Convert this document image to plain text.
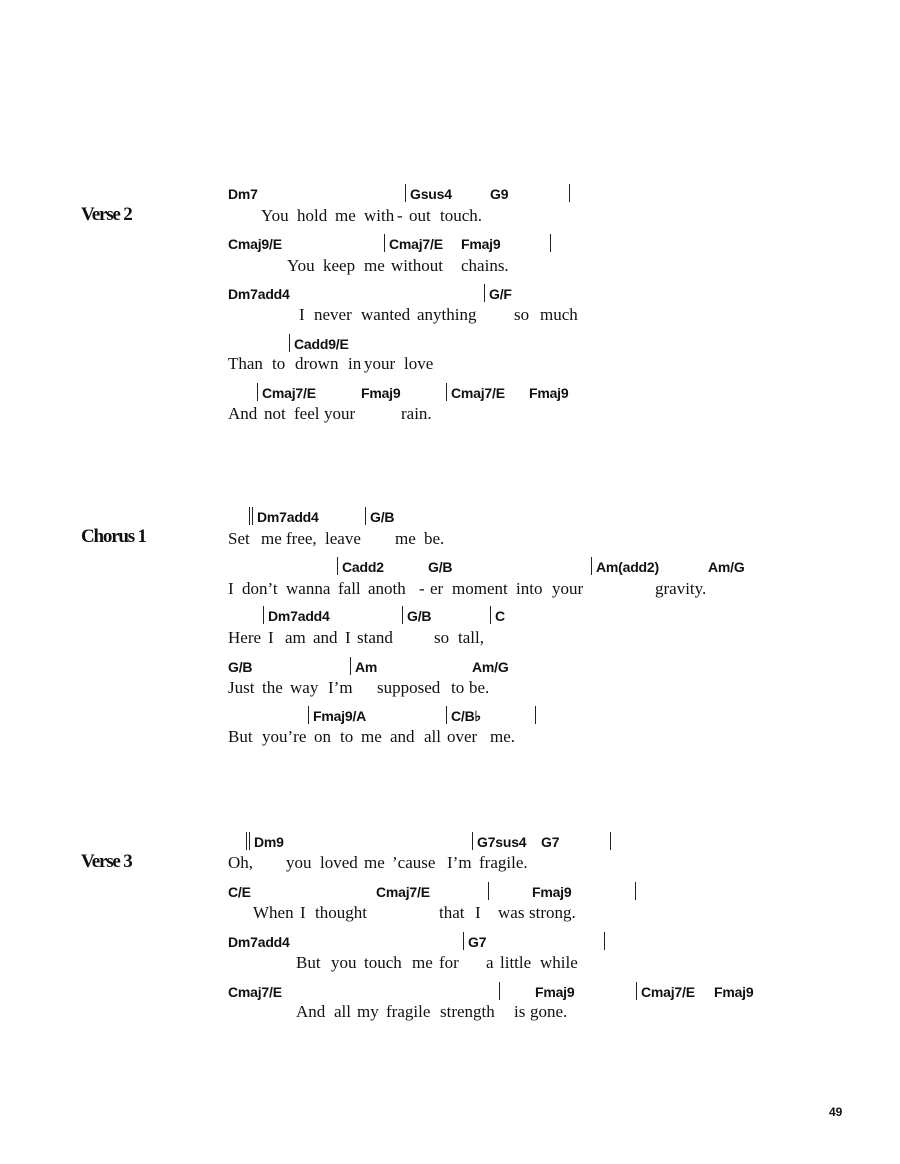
Verse 2
Dm7	Gsus4	G9
You hold me with - out touch.
Cmaj9/E	Cmaj7/E Fmaj9
You keep me without chains.
Dm7add4	G/F
I never wanted anything so much
Cadd9/E
Than to drown in your love
Cmaj7/E	Fmaj9	Cmaj7/E Fmaj9
And not feel your	rain.
Chorus 1
Dm7add4	G/B
Set me free, leave me be.
Cadd2	G/B	Am(add2)	Am/G
I don’t wanna fall anoth - er moment into your	gravity.
Dm7add4	G/B	C
Here I am and I stand so tall,
G/B	Am	Am/G
Just the way I’m supposed to be.
Fmaj9/A	C/B♭
But you’re on to me and all over me.
Verse 3
Dm9	G7sus4 G7
Oh, you loved me ’cause I’m fragile.
C/E	Cmaj7/E	Fmaj9
When I thought	that I was strong.
Dm7add4	G7
But you touch me for a little while
Cmaj7/E	Fmaj9	Cmaj7/E Fmaj9
And all my fragile strength is gone.
49
